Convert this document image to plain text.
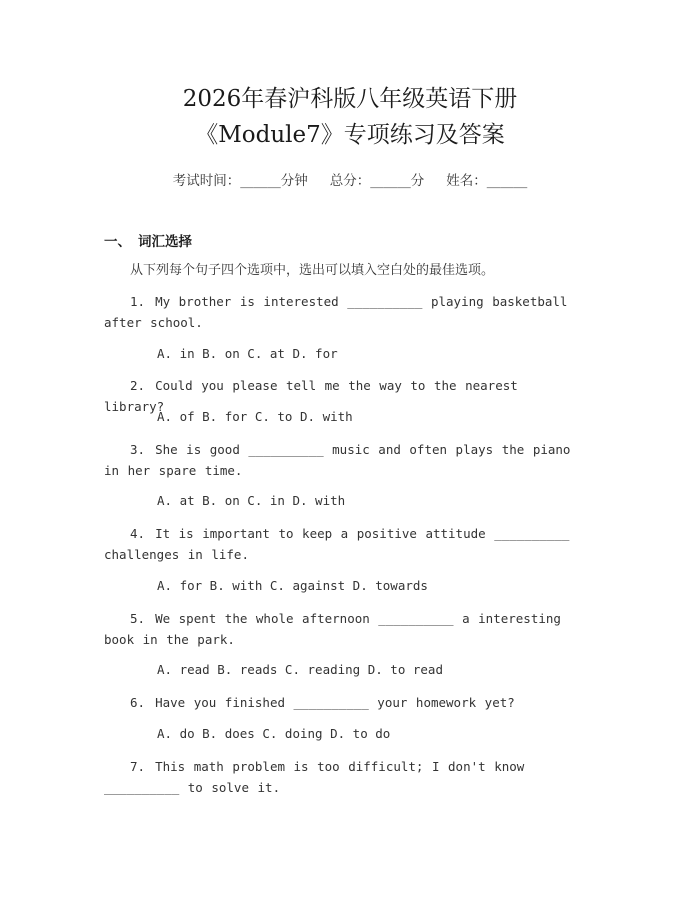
2026年春沪科版八年级英语下册
《Module7》专项练习及答案
考试时间：______分钟 总分：______分 姓名：______
一、 词汇选择
从下列每个句子四个选项中，选出可以填入空白处的最佳选项。
1. My brother is interested __________ playing basketball after school.
A. in B. on C. at D. for
2. Could you please tell me the way to the nearest library?
A. of B. for C. to D. with
3. She is good __________ music and often plays the piano in her spare time.
A. at B. on C. in D. with
4. It is important to keep a positive attitude __________ challenges in life.
A. for B. with C. against D. towards
5. We spent the whole afternoon __________ a interesting book in the park.
A. read B. reads C. reading D. to read
6. Have you finished __________ your homework yet?
A. do B. does C. doing D. to do
7. This math problem is too difficult; I don't know __________ to solve it.
